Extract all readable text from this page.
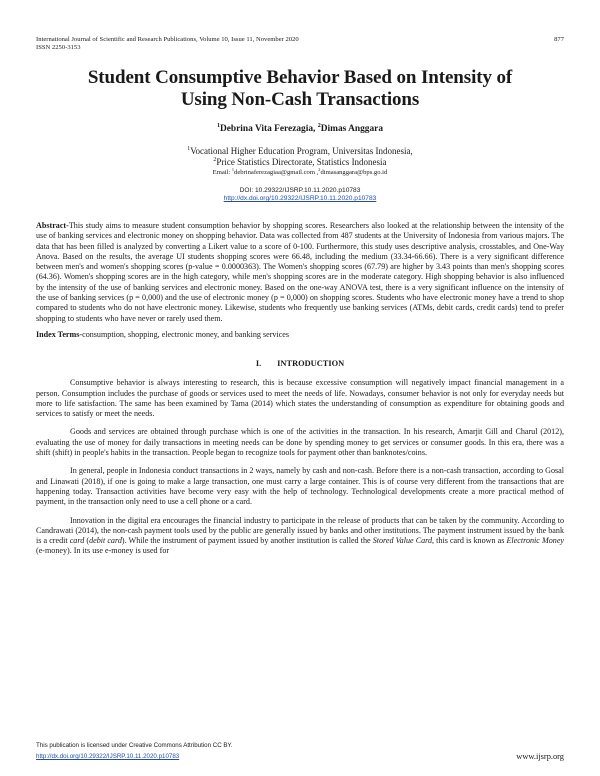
International Journal of Scientific and Research Publications, Volume 10, Issue 11, November 2020
ISSN 2250-3153
877
Student Consumptive Behavior Based on Intensity of
Using Non-Cash Transactions
$^1$Debrina Vita Ferezagia, $^2$Dimas Anggara
$^1$Vocational Higher Education Program, Universitas Indonesia,
$^2$Price Statistics Directorate, Statistics Indonesia
Email: $^1$debrinaferezagiaa@gmail.com ,$^2$dimasanggara@bps.go.id
DOI: 10.29322/IJSRP.10.11.2020.p10783
http://dx.doi.org/10.29322/IJSRP.10.11.2020.p10783
Abstract-This study aims to measure student consumption behavior by shopping scores. Researchers also looked at the relationship between the intensity of the use of banking services and electronic money on shopping behavior. Data was collected from 487 students at the University of Indonesia from various majors. The data that has been filled is analyzed by converting a Likert value to a score of 0-100. Furthermore, this study uses descriptive analysis, crosstables, and One-Way Anova. Based on the results, the average UI students shopping scores were 66.48, including the medium (33.34-66.66). There is a very significant difference between men's and women's shopping scores (p-value = 0.0000363). The Women's shopping scores (67.79) are higher by 3.43 points than men's shopping scores (64.36). Women's shopping scores are in the high category, while men's shopping scores are in the moderate category. High shopping behavior is also influenced by the intensity of the use of banking services and electronic money. Based on the one-way ANOVA test, there is a very significant influence on the intensity of the use of banking services (p = 0,000) and the use of electronic money (p = 0,000) on shopping scores. Students who have electronic money have a trend to shop compared to students who do not have electronic money. Likewise, students who frequently use banking services (ATMs, debit cards, credit cards) tend to prefer shopping to students who have never or rarely used them.
Index Terms-consumption, shopping, electronic money, and banking services
I. INTRODUCTION

Consumptive behavior is always interesting to research, this is because excessive consumption will negatively impact financial management in a person. Consumption includes the purchase of goods or services used to meet the needs of life. Nowadays, consumer behavior is not only for everyday needs but more to life satisfaction. The same has been examined by Tama (2014) which states the understanding of consumption as expenditure for obtaining goods and services to satisfy or meet the needs.

Goods and services are obtained through purchase which is one of the activities in the transaction. In his research, Amarjit Gill and Charul (2012), evaluating the use of money for daily transactions in meeting needs can be done by spending money to get services or consumer goods. In this era, there was a shift (shift) in people's habits in the transaction. People began to recognize tools for payment other than banknotes/coins.

In general, people in Indonesia conduct transactions in 2 ways, namely by cash and non-cash. Before there is a non-cash transaction, according to Gosal and Linawati (2018), if one is going to make a large transaction, one must carry a large container. This is of course very different from the transactions that are happening today. Transaction activities have become very easy with the help of technology. Technological developments create a more practical method of payment, in the transaction only need to use a cell phone or a card.

Innovation in the digital era encourages the financial industry to participate in the release of products that can be taken by the community. According to Candrawati (2014), the non-cash payment tools used by the public are generally issued by banks and other institutions. The payment instrument issued by the bank is a credit card (debit card). While the instrument of payment issued by another institution is called the Stored Value Card, this card is known as Electronic Money (e-money). In its use e-money is used for

This publication is licensed under Creative Commons Attribution CC BY.
http://dx.doi.org/10.29322/IJSRP.10.11.2020.p10783	www.ijsrp.org
